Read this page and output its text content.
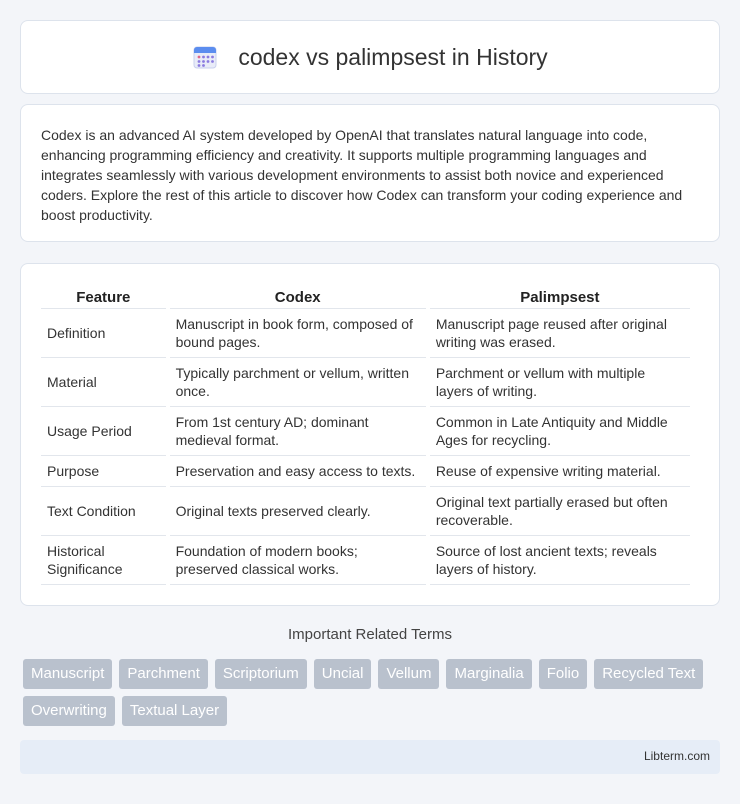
codex vs palimpsest in History

Codex is an advanced AI system developed by OpenAI that translates natural language into code, enhancing programming efficiency and creativity. It supports multiple programming languages and integrates seamlessly with various development environments to assist both novice and experienced coders. Explore the rest of this article to discover how Codex can transform your coding experience and boost productivity.

Feature	Codex	Palimpsest
Definition	Manuscript in book form, composed of bound pages.	Manuscript page reused after original writing was erased.
Material	Typically parchment or vellum, written once.	Parchment or vellum with multiple layers of writing.
Usage Period	From 1st century AD; dominant medieval format.	Common in Late Antiquity and Middle Ages for recycling.
Purpose	Preservation and easy access to texts.	Reuse of expensive writing material.
Text Condition	Original texts preserved clearly.	Original text partially erased but often recoverable.
Historical Significance	Foundation of modern books; preserved classical works.	Source of lost ancient texts; reveals layers of history.
Important Related Terms
Manuscript	Parchment	Scriptorium	Uncial	Vellum	Marginalia	Folio	Recycled Text
Overwriting	Textual Layer
Libterm.com
